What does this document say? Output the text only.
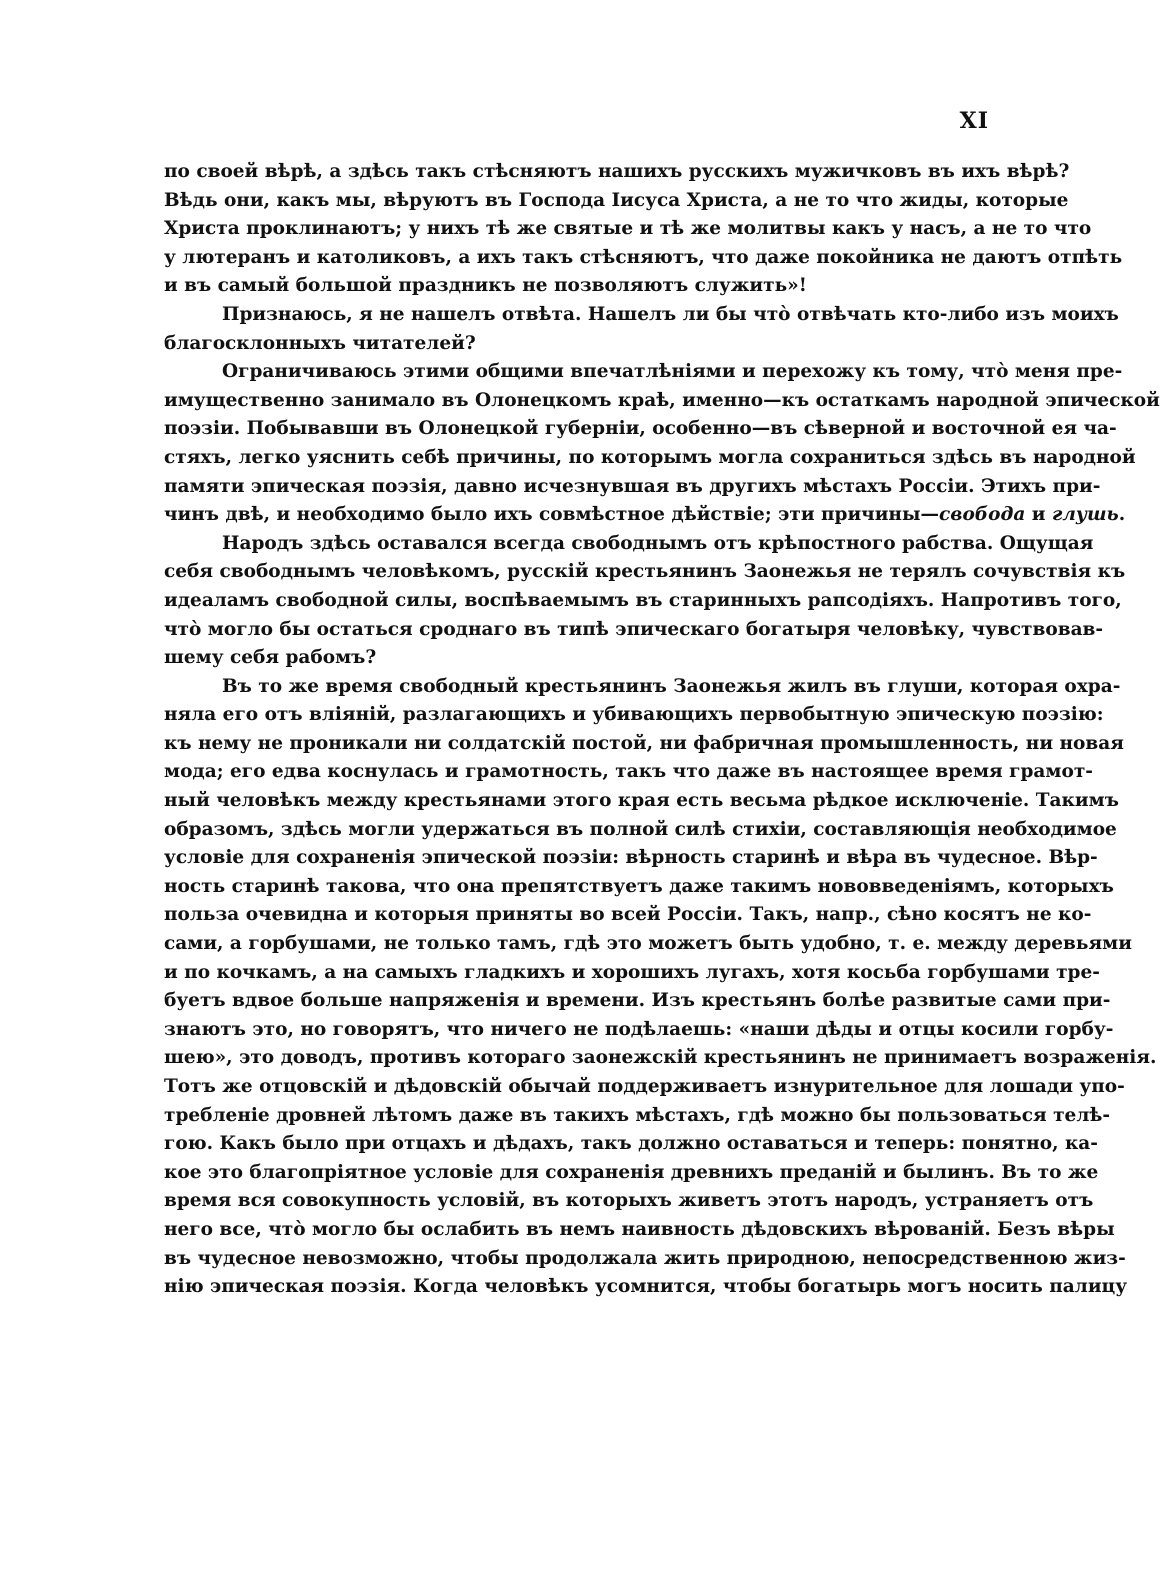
XI
по своей вѣрѣ, а здѣсь такъ стѣсняютъ нашихъ русскихъ мужичковъ въ ихъ вѣрѣ?
Вѣдь они, какъ мы, вѣруютъ въ Господа Іисуса Христа, а не то что жиды, которые
Христа проклинаютъ; у нихъ тѣ же святые и тѣ же молитвы какъ у насъ, а не то что
у лютеранъ и католиковъ, а ихъ такъ стѣсняютъ, что даже покойника не даютъ отпѣть
и въ самый большой праздникъ не позволяютъ служить»!
Признаюсь, я не нашелъ отвѣта. Нашелъ ли бы что̀ отвѣчать кто-либо изъ моихъ
благосклонныхъ читателей?
Ограничиваюсь этими общими впечатлѣніями и перехожу къ тому, что̀ меня пре-
имущественно занимало въ Олонецкомъ краѣ, именно—къ остаткамъ народной эпической
поэзіи. Побывавши въ Олонецкой губерніи, особенно—въ сѣверной и восточной ея ча-
стяхъ, легко уяснить себѣ причины, по которымъ могла сохраниться здѣсь въ народной
памяти эпическая поэзія, давно исчезнувшая въ другихъ мѣстахъ Россіи. Этихъ при-
чинъ двѣ, и необходимо было ихъ совмѣстное дѣйствіе; эти причины—свобода и глушь.
Народъ здѣсь оставался всегда свободнымъ отъ крѣпостного рабства. Ощущая
себя свободнымъ человѣкомъ, русскій крестьянинъ Заонежья не терялъ сочувствія къ
идеаламъ свободной силы, воспѣваемымъ въ старинныхъ рапсодіяхъ. Напротивъ того,
что̀ могло бы остаться сроднаго въ типѣ эпическаго богатыря человѣку, чувствовав-
шему себя рабомъ?
Въ то же время свободный крестьянинъ Заонежья жилъ въ глуши, которая охра-
няла его отъ вліяній, разлагающихъ и убивающихъ первобытную эпическую поэзію:
къ нему не проникали ни солдатскій постой, ни фабричная промышленность, ни новая
мода; его едва коснулась и грамотность, такъ что даже въ настоящее время грамот-
ный человѣкъ между крестьянами этого края есть весьма рѣдкое исключеніе. Такимъ
образомъ, здѣсь могли удержаться въ полной силѣ стихіи, составляющія необходимое
условіе для сохраненія эпической поэзіи: вѣрность старинѣ и вѣра въ чудесное. Вѣр-
ность старинѣ такова, что она препятствуетъ даже такимъ нововведеніямъ, которыхъ
польза очевидна и которыя приняты во всей Россіи. Такъ, напр., сѣно косятъ не ко-
сами, а горбушами, не только тамъ, гдѣ это можетъ быть удобно, т. е. между деревьями
и по кочкамъ, а на самыхъ гладкихъ и хорошихъ лугахъ, хотя косьба горбушами тре-
буетъ вдвое больше напряженія и времени. Изъ крестьянъ болѣе развитые сами при-
знаютъ это, но говорятъ, что ничего не подѣлаешь: «наши дѣды и отцы косили горбу-
шею», это доводъ, противъ котораго заонежскій крестьянинъ не принимаетъ возраженія.
Тотъ же отцовскій и дѣдовскій обычай поддерживаетъ изнурительное для лошади упо-
требленіе дровней лѣтомъ даже въ такихъ мѣстахъ, гдѣ можно бы пользоваться телѣ-
гою. Какъ было при отцахъ и дѣдахъ, такъ должно оставаться и теперь: понятно, ка-
кое это благопріятное условіе для сохраненія древнихъ преданій и былинъ. Въ то же
время вся совокупность условій, въ которыхъ живетъ этотъ народъ, устраняетъ отъ
него все, что̀ могло бы ослабить въ немъ наивность дѣдовскихъ вѣрованій. Безъ вѣры
въ чудесное невозможно, чтобы продолжала жить природною, непосредственною жиз-
нію эпическая поэзія. Когда человѣкъ усомнится, чтобы богатырь могъ носить палицу
